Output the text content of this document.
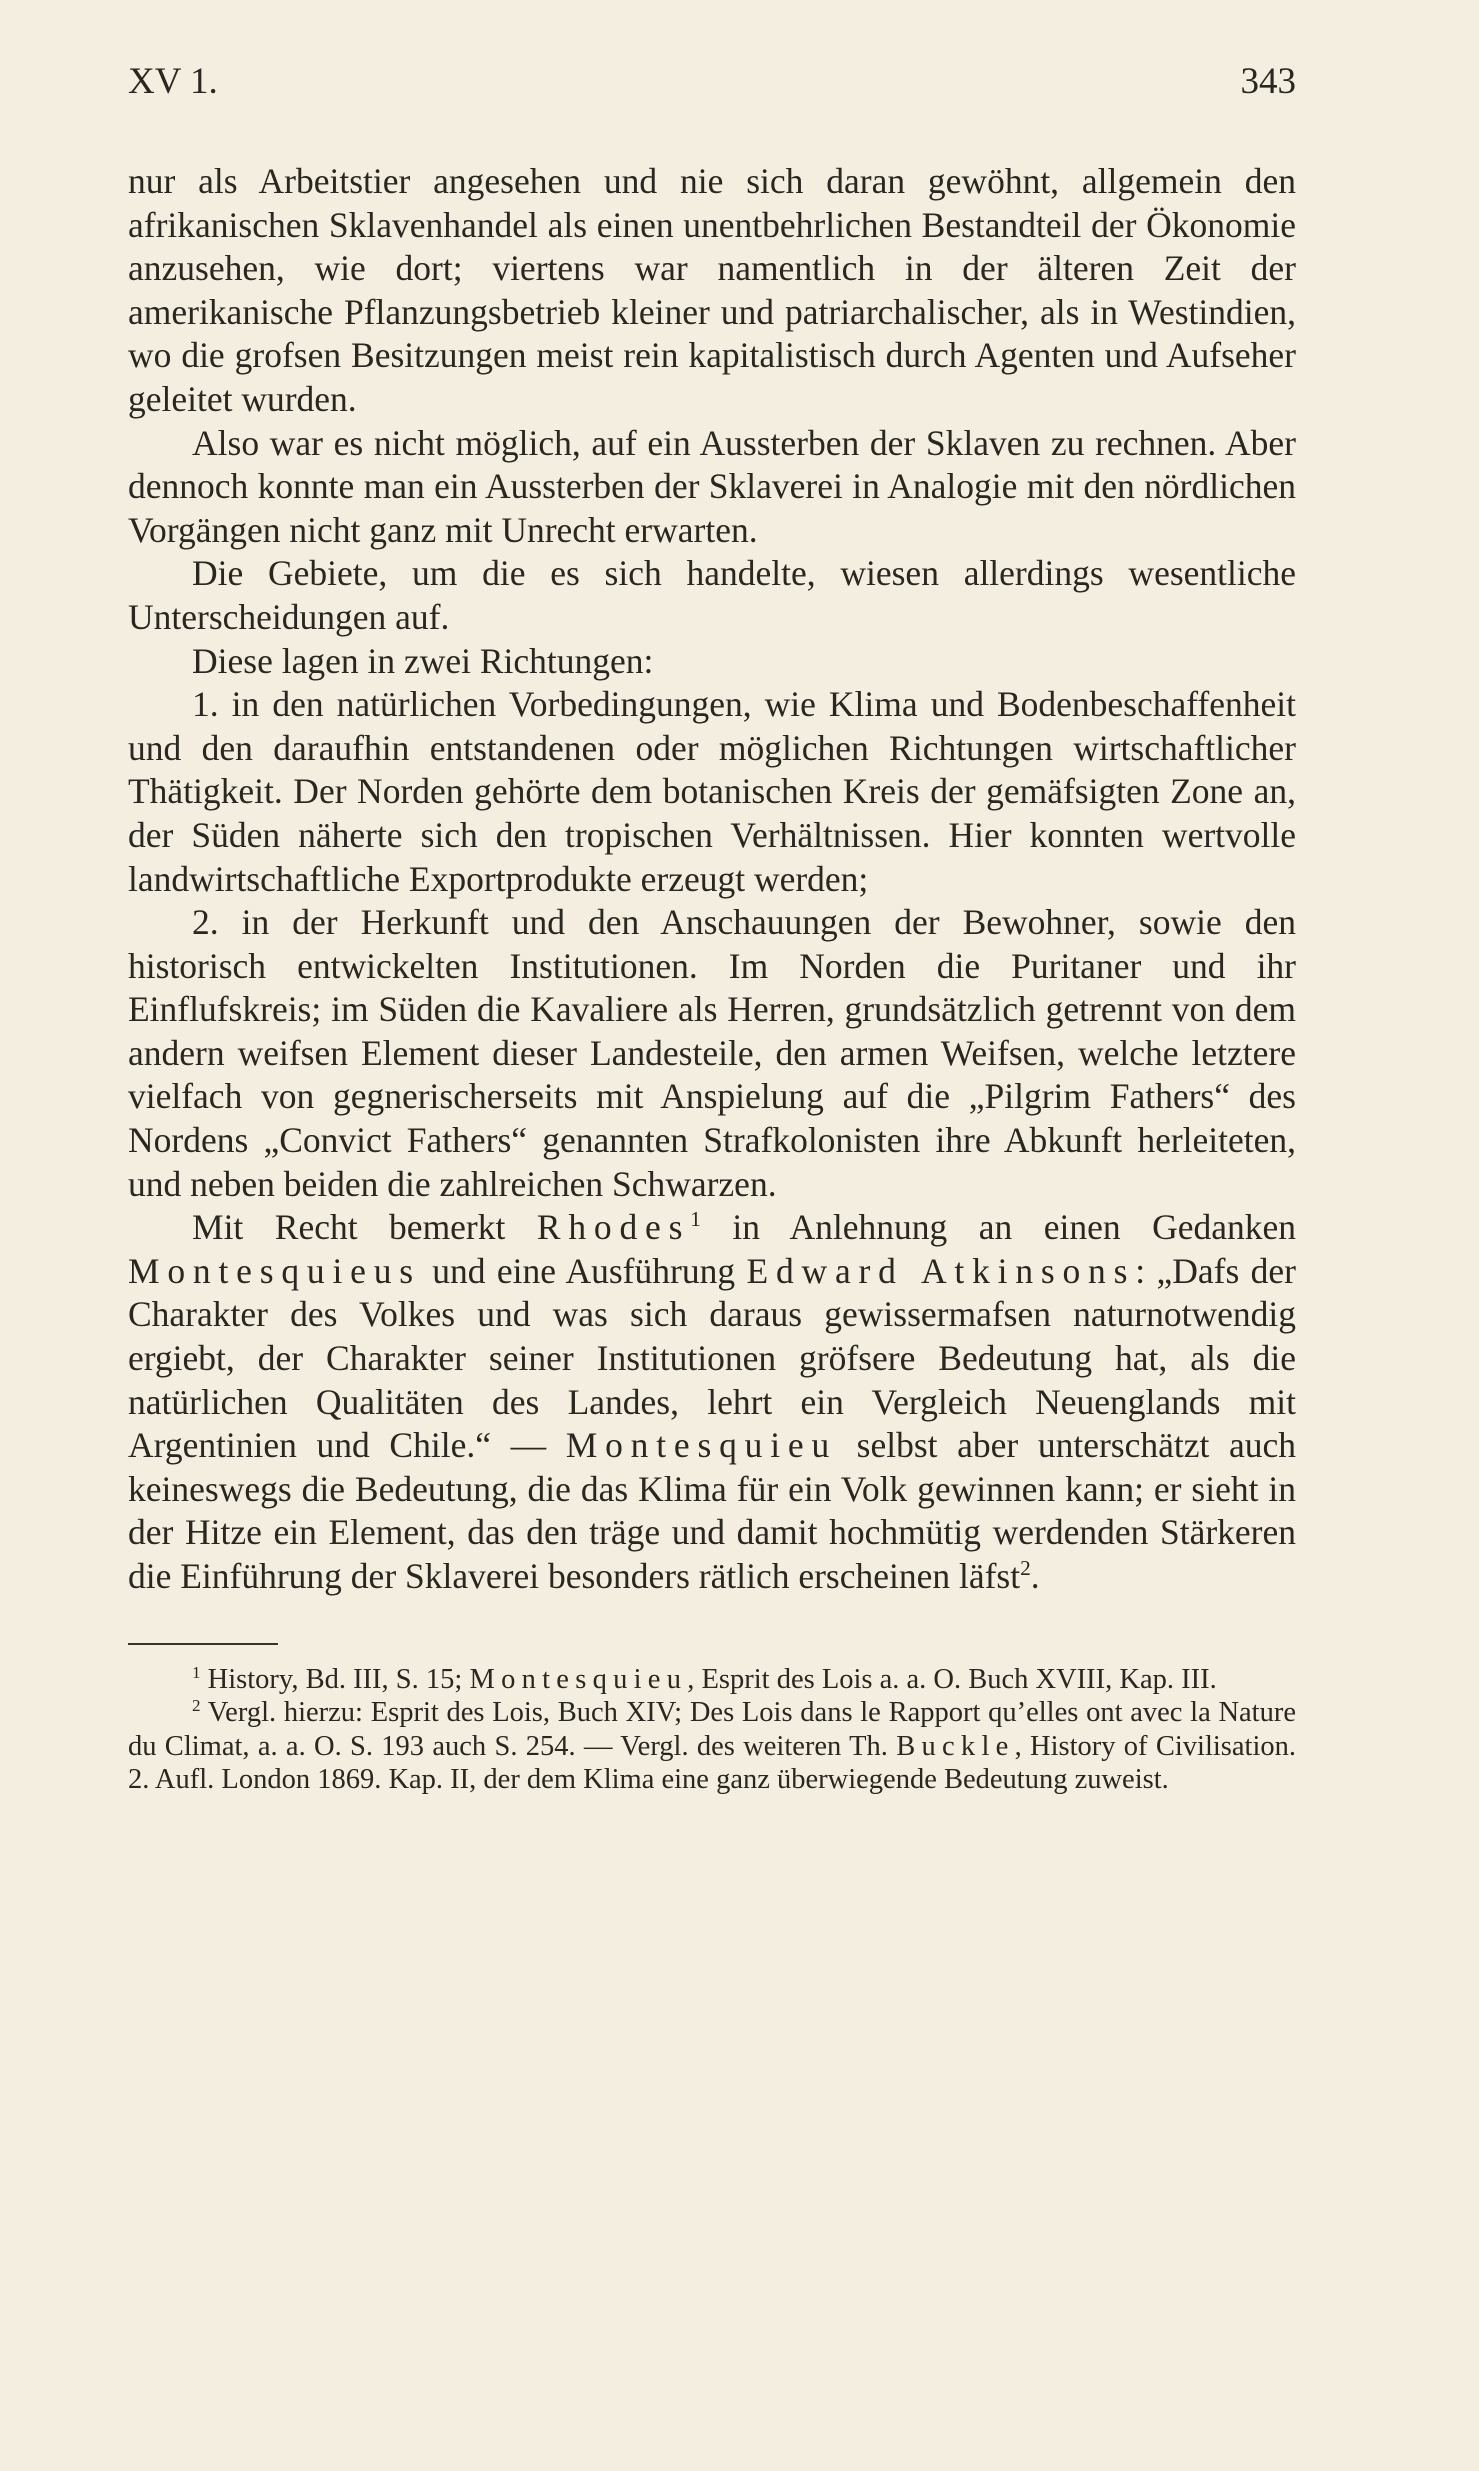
XV 1.	343

nur als Arbeitstier angesehen und nie sich daran gewöhnt, allgemein den afrikanischen Sklavenhandel als einen unentbehrlichen Bestandteil der Ökonomie anzusehen, wie dort; viertens war namentlich in der älteren Zeit der amerikanische Pflanzungsbetrieb kleiner und patriarchalischer, als in Westindien, wo die grofsen Besitzungen meist rein kapitalistisch durch Agenten und Aufseher geleitet wurden.

Also war es nicht möglich, auf ein Aussterben der Sklaven zu rechnen. Aber dennoch konnte man ein Aussterben der Sklaverei in Analogie mit den nördlichen Vorgängen nicht ganz mit Unrecht erwarten.

Die Gebiete, um die es sich handelte, wiesen allerdings wesentliche Unterscheidungen auf.

Diese lagen in zwei Richtungen:

1. in den natürlichen Vorbedingungen, wie Klima und Bodenbeschaffenheit und den daraufhin entstandenen oder möglichen Richtungen wirtschaftlicher Thätigkeit. Der Norden gehörte dem botanischen Kreis der gemäfsigten Zone an, der Süden näherte sich den tropischen Verhältnissen. Hier konnten wertvolle landwirtschaftliche Exportprodukte erzeugt werden;

2. in der Herkunft und den Anschauungen der Bewohner, sowie den historisch entwickelten Institutionen. Im Norden die Puritaner und ihr Einflufskreis; im Süden die Kavaliere als Herren, grundsätzlich getrennt von dem andern weifsen Element dieser Landesteile, den armen Weifsen, welche letztere vielfach von gegnerischerseits mit Anspielung auf die „Pilgrim Fathers“ des Nordens „Convict Fathers“ genannten Strafkolonisten ihre Abkunft herleiteten, und neben beiden die zahlreichen Schwarzen.

Mit Recht bemerkt Rhodes$^1$ in Anlehnung an einen Gedanken Montesquieus und eine Ausführung Edward Atkinsons: „Dafs der Charakter des Volkes und was sich daraus gewissermafsen naturnotwendig ergiebt, der Charakter seiner Institutionen gröfsere Bedeutung hat, als die natürlichen Qualitäten des Landes, lehrt ein Vergleich Neuenglands mit Argentinien und Chile.“ — Montesquieu selbst aber unterschätzt auch keineswegs die Bedeutung, die das Klima für ein Volk gewinnen kann; er sieht in der Hitze ein Element, das den träge und damit hochmütig werdenden Stärkeren die Einführung der Sklaverei besonders rätlich erscheinen läfst$^2$.

$^1$ History, Bd. III, S. 15; Montesquieu, Esprit des Lois a. a. O. Buch XVIII, Kap. III.

$^2$ Vergl. hierzu: Esprit des Lois, Buch XIV; Des Lois dans le Rapport qu’elles ont avec la Nature du Climat, a. a. O. S. 193 auch S. 254. — Vergl. des weiteren Th. Buckle, History of Civilisation. 2. Aufl. London 1869. Kap. II, der dem Klima eine ganz überwiegende Bedeutung zuweist.
